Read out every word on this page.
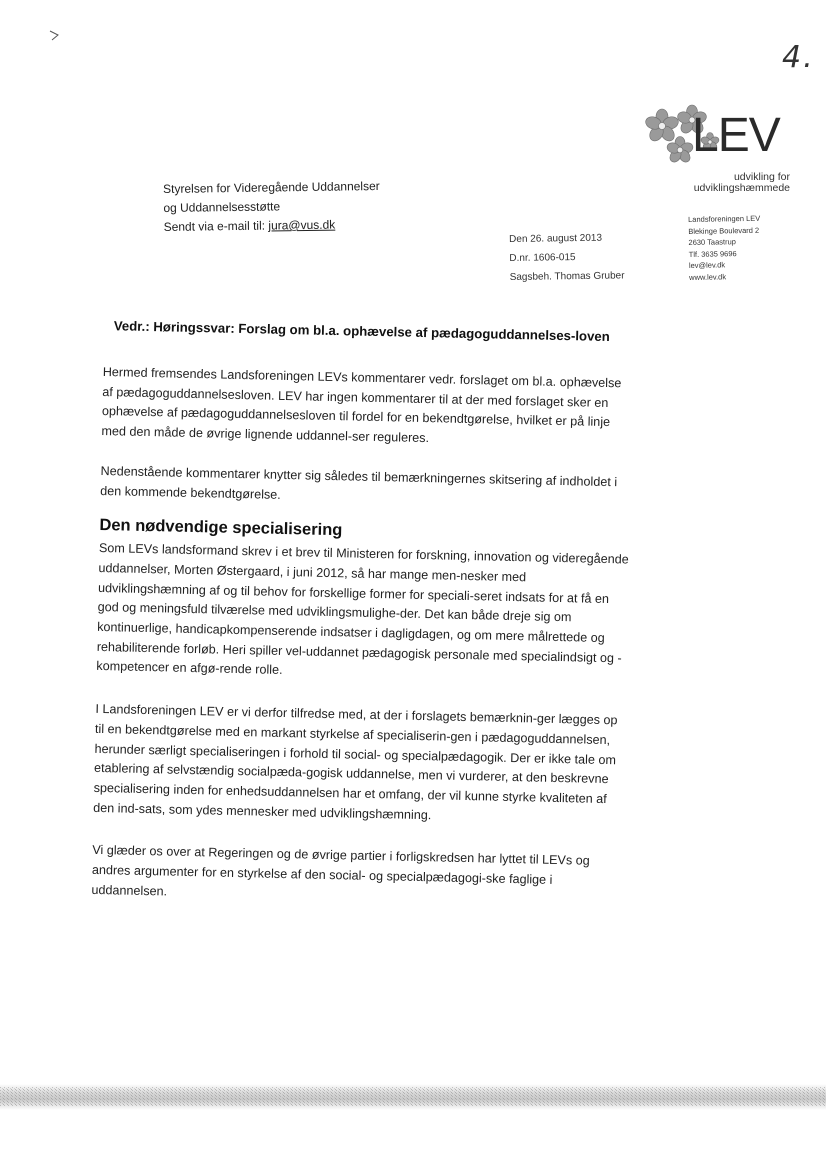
4.
LEV
udvikling for
udviklingshæmmede
Landsforeningen LEV
Blekinge Boulevard 2
2630 Taastrup
Tlf. 3635 9696
lev@lev.dk
www.lev.dk
Styrelsen for Videregående Uddannelser
og Uddannelsesstøtte
Sendt via e-mail til: jura@vus.dk
Den 26. august 2013
D.nr. 1606-015
Sagsbeh. Thomas Gruber
Vedr.: Høringssvar: Forslag om bl.a. ophævelse af pædagoguddannelses-loven

Hermed fremsendes Landsforeningen LEVs kommentarer vedr. forslaget om bl.a. ophævelse af pædagoguddannelsesloven. LEV har ingen kommentarer til at der med forslaget sker en ophævelse af pædagoguddannelsesloven til fordel for en bekendtgørelse, hvilket er på linje med den måde de øvrige lignende uddannel-ser reguleres.

Nedenstående kommentarer knytter sig således til bemærkningernes skitsering af indholdet i den kommende bekendtgørelse.

Den nødvendige specialisering

Som LEVs landsformand skrev i et brev til Ministeren for forskning, innovation og videregående uddannelser, Morten Østergaard, i juni 2012, så har mange men-nesker med udviklingshæmning af og til behov for forskellige former for speciali-seret indsats for at få en god og meningsfuld tilværelse med udviklingsmulighe-der. Det kan både dreje sig om kontinuerlige, handicapkompenserende indsatser i dagligdagen, og om mere målrettede og rehabiliterende forløb. Heri spiller vel-uddannet pædagogisk personale med specialindsigt og -kompetencer en afgø-rende rolle.

I Landsforeningen LEV er vi derfor tilfredse med, at der i forslagets bemærknin-ger lægges op til en bekendtgørelse med en markant styrkelse af specialiserin-gen i pædagoguddannelsen, herunder særligt specialiseringen i forhold til social- og specialpædagogik. Der er ikke tale om etablering af selvstændig socialpæda-gogisk uddannelse, men vi vurderer, at den beskrevne specialisering inden for enhedsuddannelsen har et omfang, der vil kunne styrke kvaliteten af den ind-sats, som ydes mennesker med udviklingshæmning.

Vi glæder os over at Regeringen og de øvrige partier i forligskredsen har lyttet til LEVs og andres argumenter for en styrkelse af den social- og specialpædagogi-ske faglige i uddannelsen.
